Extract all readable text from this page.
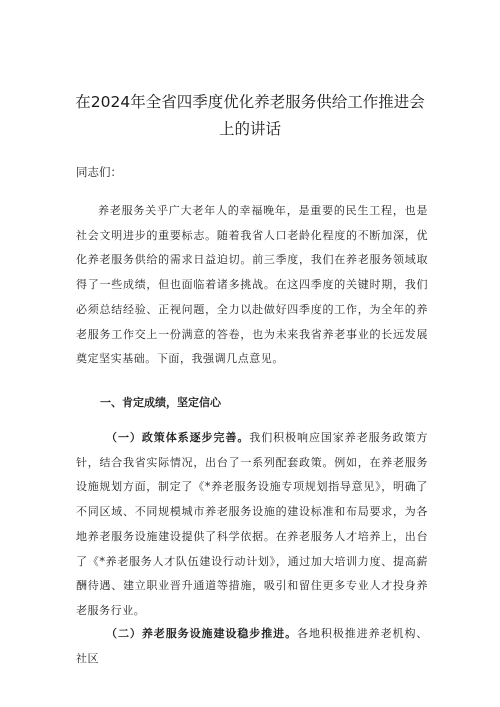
在2024年全省四季度优化养老服务供给工作推进会
上的讲话

同志们：

养老服务关乎广大老年人的幸福晚年，是重要的民生工程，也是社会文明进步的重要标志。随着我省人口老龄化程度的不断加深，优化养老服务供给的需求日益迫切。前三季度，我们在养老服务领域取得了一些成绩，但也面临着诸多挑战。在这四季度的关键时期，我们必须总结经验、正视问题，全力以赴做好四季度的工作，为全年的养老服务工作交上一份满意的答卷，也为未来我省养老事业的长远发展奠定坚实基础。下面，我强调几点意见。

一、肯定成绩，坚定信心

（一）政策体系逐步完善。我们积极响应国家养老服务政策方针，结合我省实际情况，出台了一系列配套政策。例如，在养老服务设施规划方面，制定了《*养老服务设施专项规划指导意见》，明确了不同区域、不同规模城市养老服务设施的建设标准和布局要求，为各地养老服务设施建设提供了科学依据。在养老服务人才培养上，出台了《*养老服务人才队伍建设行动计划》，通过加大培训力度、提高薪酬待遇、建立职业晋升通道等措施，吸引和留住更多专业人才投身养老服务行业。

（二）养老服务设施建设稳步推进。各地积极推进养老机构、社区
